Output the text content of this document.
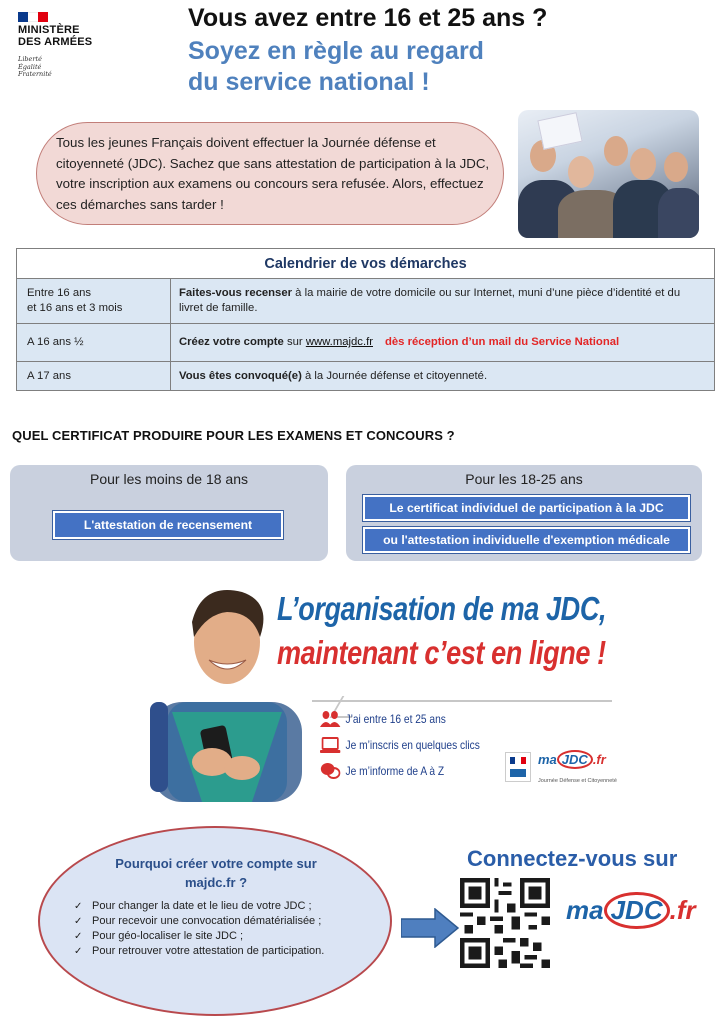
MINISTÈRE
DES ARMÉES
Liberté
Égalité
Fraternité
Vous avez entre 16 et 25 ans ?
Soyez en règle au regard
du service national !
Tous les jeunes Français doivent effectuer la Journée défense et citoyenneté (JDC). Sachez que sans attestation de participation à la JDC, votre inscription aux examens ou concours sera refusée. Alors, effectuez ces démarches sans tarder !
Calendrier de vos démarches
Entre 16 ans
et 16 ans et 3 mois
Faites-vous recenser à la mairie de votre domicile ou sur Internet, muni d’une pièce d’identité et du livret de famille.
A 16 ans ½	Créez votre compte sur www.majdc.fr dès réception d’un mail du Service National
A 17 ans	Vous êtes convoqué(e) à la Journée défense et citoyenneté.
QUEL CERTIFICAT PRODUIRE POUR LES EXAMENS ET CONCOURS ?
Pour les moins de 18 ans
L'attestation de recensement
Pour les 18-25 ans
Le certificat individuel de participation à la JDC
ou l'attestation individuelle d'exemption médicale
L’organisation de ma JDC,
maintenant c’est en ligne !
J’ai entre 16 et 25 ans
Je m’inscris en quelques clics
Je m’informe de A à Z
ma JDC .fr
Journée Défense et Citoyenneté
Pourquoi créer votre compte sur
majdc.fr ?
✓ Pour changer la date et le lieu de votre JDC ;
✓ Pour recevoir une convocation dématérialisée ;
✓ Pour géo-localiser le site JDC ;
✓ Pour retrouver votre attestation de participation.
Connectez-vous sur
ma JDC .fr
